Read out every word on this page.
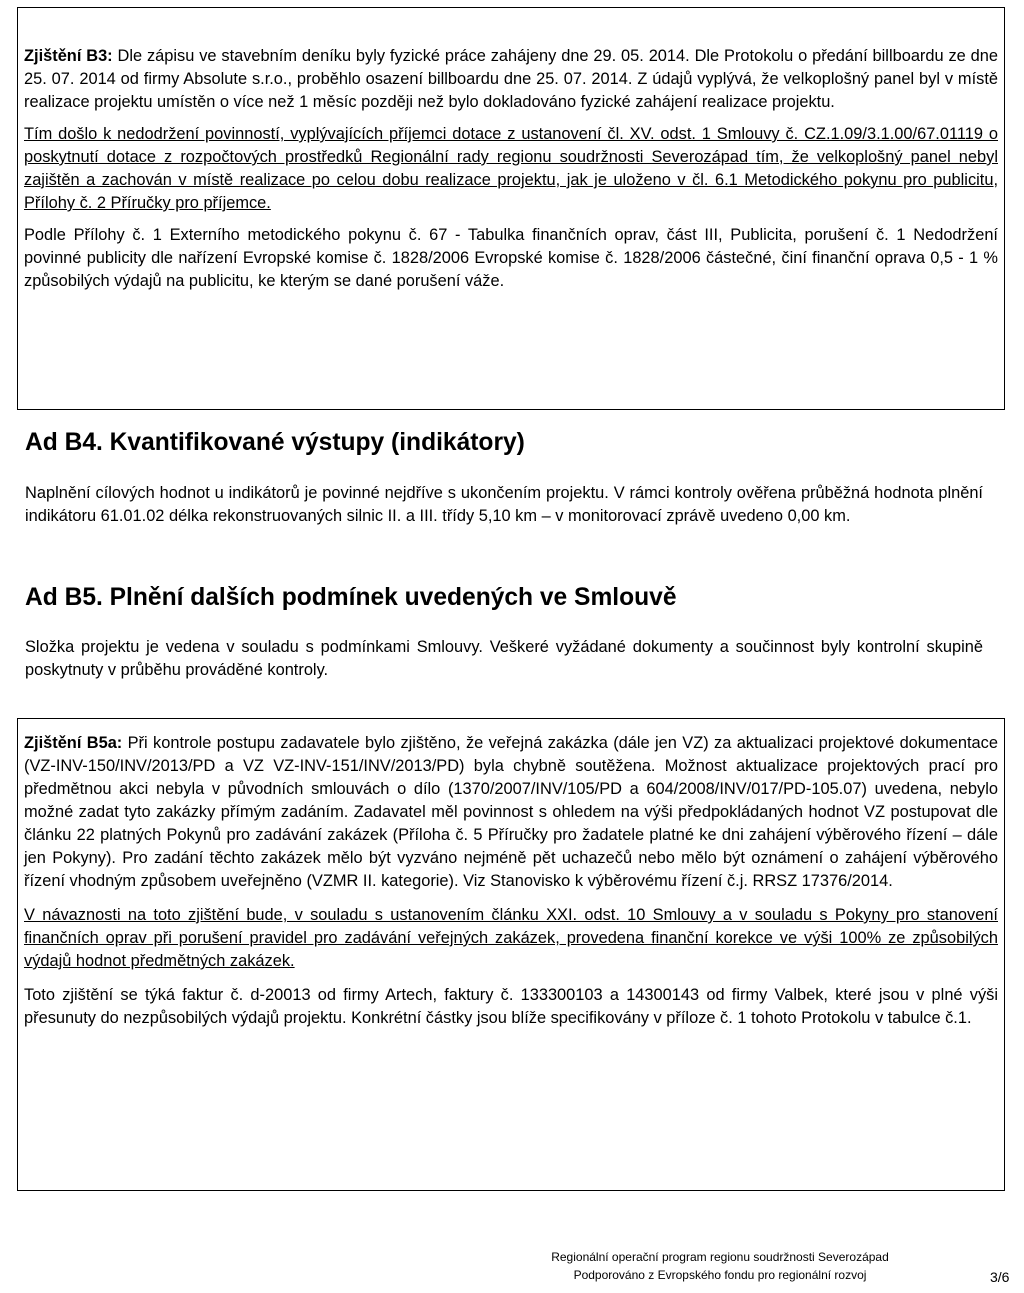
Zjištění B3: Dle zápisu ve stavebním deníku byly fyzické práce zahájeny dne 29. 05. 2014. Dle Protokolu o předání billboardu ze dne 25. 07. 2014 od firmy Absolute s.r.o., proběhlo osazení billboardu dne 25. 07. 2014. Z údajů vyplývá, že velkoplošný panel byl v místě realizace projektu umístěn o více než 1 měsíc později než bylo dokladováno fyzické zahájení realizace projektu.

Tím došlo k nedodržení povinností, vyplývajících příjemci dotace z ustanovení čl. XV. odst. 1 Smlouvy č. CZ.1.09/3.1.00/67.01119 o poskytnutí dotace z rozpočtových prostředků Regionální rady regionu soudržnosti Severozápad tím, že velkoplošný panel nebyl zajištěn a zachován v místě realizace po celou dobu realizace projektu, jak je uloženo v čl. 6.1 Metodického pokynu pro publicitu, Přílohy č. 2 Příručky pro příjemce.

Podle Přílohy č. 1 Externího metodického pokynu č. 67 - Tabulka finančních oprav, část III, Publicita, porušení č. 1 Nedodržení povinné publicity dle nařízení Evropské komise č. 1828/2006 Evropské komise č. 1828/2006 částečné, činí finanční oprava 0,5 - 1 % způsobilých výdajů na publicitu, ke kterým se dané porušení váže.

Ad B4. Kvantifikované výstupy (indikátory)

Naplnění cílových hodnot u indikátorů je povinné nejdříve s ukončením projektu. V rámci kontroly ověřena průběžná hodnota plnění indikátoru 61.01.02 délka rekonstruovaných silnic II. a III. třídy 5,10 km – v monitorovací zprávě uvedeno 0,00 km.

Ad B5. Plnění dalších podmínek uvedených ve Smlouvě

Složka projektu je vedena v souladu s podmínkami Smlouvy. Veškeré vyžádané dokumenty a součinnost byly kontrolní skupině poskytnuty v průběhu prováděné kontroly.

Zjištění B5a: Při kontrole postupu zadavatele bylo zjištěno, že veřejná zakázka (dále jen VZ) za aktualizaci projektové dokumentace (VZ-INV-150/INV/2013/PD a VZ VZ-INV-151/INV/2013/PD) byla chybně soutěžena. Možnost aktualizace projektových prací pro předmětnou akci nebyla v původních smlouvách o dílo (1370/2007/INV/105/PD a 604/2008/INV/017/PD-105.07) uvedena, nebylo možné zadat tyto zakázky přímým zadáním. Zadavatel měl povinnost s ohledem na výši předpokládaných hodnot VZ postupovat dle článku 22 platných Pokynů pro zadávání zakázek (Příloha č. 5 Příručky pro žadatele platné ke dni zahájení výběrového řízení – dále jen Pokyny). Pro zadání těchto zakázek mělo být vyzváno nejméně pět uchazečů nebo mělo být oznámení o zahájení výběrového řízení vhodným způsobem uveřejněno (VZMR II. kategorie). Viz Stanovisko k výběrovému řízení č.j. RRSZ 17376/2014.

V návaznosti na toto zjištění bude, v souladu s ustanovením článku XXI. odst. 10 Smlouvy a v souladu s Pokyny pro stanovení finančních oprav při porušení pravidel pro zadávání veřejných zakázek, provedena finanční korekce ve výši 100% ze způsobilých výdajů hodnot předmětných zakázek.

Toto zjištění se týká faktur č. d-20013 od firmy Artech, faktury č. 133300103 a 14300143 od firmy Valbek, které jsou v plné výši přesunuty do nezpůsobilých výdajů projektu. Konkrétní částky jsou blíže specifikovány v příloze č. 1 tohoto Protokolu v tabulce č.1.

Regionální operační program regionu soudržnosti Severozápad
Podporováno z Evropského fondu pro regionální rozvoj	3/6
